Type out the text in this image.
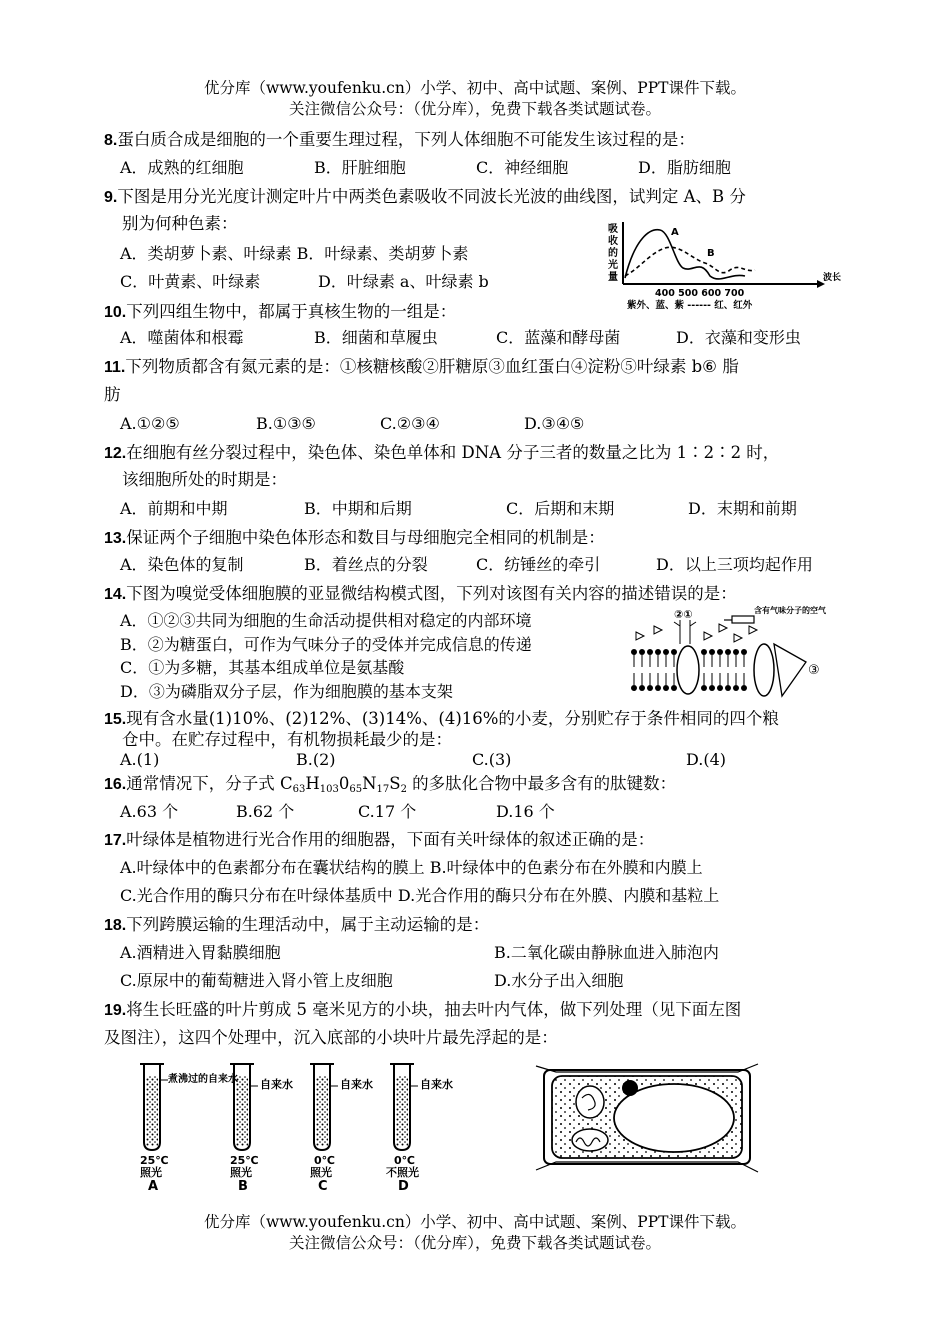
优分库（www.youfenku.cn）小学、初中、高中试题、案例、PPT课件下载。
关注微信公众号：（优分库），免费下载各类试题试卷。
8.蛋白质合成是细胞的一个重要生理过程，下列人体细胞不可能发生该过程的是：
A．成熟的红细胞	B．肝脏细胞	C．神经细胞	D．脂肪细胞
9.下图是用分光光度计测定叶片中两类色素吸收不同波长光波的曲线图，试判定 A、B 分
别为何种色素：
A．类胡萝卜素、叶绿素 B．叶绿素、类胡萝卜素
C．叶黄素、叶绿素	D．叶绿素 a、叶绿素 b
吸
收
的
光
量
A
B
波长
400 500 600 700
紫外、蓝、紫 ------ 红、红外
10.下列四组生物中，都属于真核生物的一组是：
A．噬菌体和根霉	B．细菌和草履虫	C．蓝藻和酵母菌	D．衣藻和变形虫
11.下列物质都含有氮元素的是：①核糖核酸②肝糖原③血红蛋白④淀粉⑤叶绿素 b⑥ 脂
肪
A.①②⑤	B.①③⑤	C.②③④	D.③④⑤
12.在细胞有丝分裂过程中，染色体、染色单体和 DNA 分子三者的数量之比为 1∶2∶2 时，
该细胞所处的时期是：
A．前期和中期	B．中期和后期	C．后期和末期	D．末期和前期
13.保证两个子细胞中染色体形态和数目与母细胞完全相同的机制是：
A．染色体的复制	B．着丝点的分裂	C．纺锤丝的牵引	D．以上三项均起作用
14.下图为嗅觉受体细胞膜的亚显微结构模式图，下列对该图有关内容的描述错误的是：
A．①②③共同为细胞的生命活动提供相对稳定的内部环境
B．②为糖蛋白，可作为气味分子的受体并完成信息的传递
C．①为多糖，其基本组成单位是氨基酸
D．③为磷脂双分子层，作为细胞膜的基本支架
②①	含有气味分子的空气
③
15.现有含水量(1)10%、(2)12%、(3)14%、(4)16%的小麦，分别贮存于条件相同的四个粮
仓中。在贮存过程中，有机物损耗最少的是：
A.(1)	B.(2)	C.(3)	D.(4)
16.通常情况下，分子式 $C_{63}H_{103}0_{65}N_{17}S_2$ 的多肽化合物中最多含有的肽键数：
A.63 个	B.62 个	C.17 个	D.16 个
17.叶绿体是植物进行光合作用的细胞器，下面有关叶绿体的叙述正确的是：
A.叶绿体中的色素都分布在囊状结构的膜上 B.叶绿体中的色素分布在外膜和内膜上
C.光合作用的酶只分布在叶绿体基质中 D.光合作用的酶只分布在外膜、内膜和基粒上
18.下列跨膜运输的生理活动中，属于主动运输的是：
A.酒精进入胃黏膜细胞	B.二氧化碳由静脉血进入肺泡内
C.原尿中的葡萄糖进入肾小管上皮细胞	D.水分子出入细胞
19.将生长旺盛的叶片剪成 5 毫米见方的小块，抽去叶内气体，做下列处理（见下面左图
及图注），这四个处理中，沉入底部的小块叶片最先浮起的是：
煮沸过的自来水 自来水	自来水	自来水
25℃
照光
A
25℃
照光
B
0℃
照光
C
0℃
不照光
D
优分库（www.youfenku.cn）小学、初中、高中试题、案例、PPT课件下载。
关注微信公众号：（优分库），免费下载各类试题试卷。
